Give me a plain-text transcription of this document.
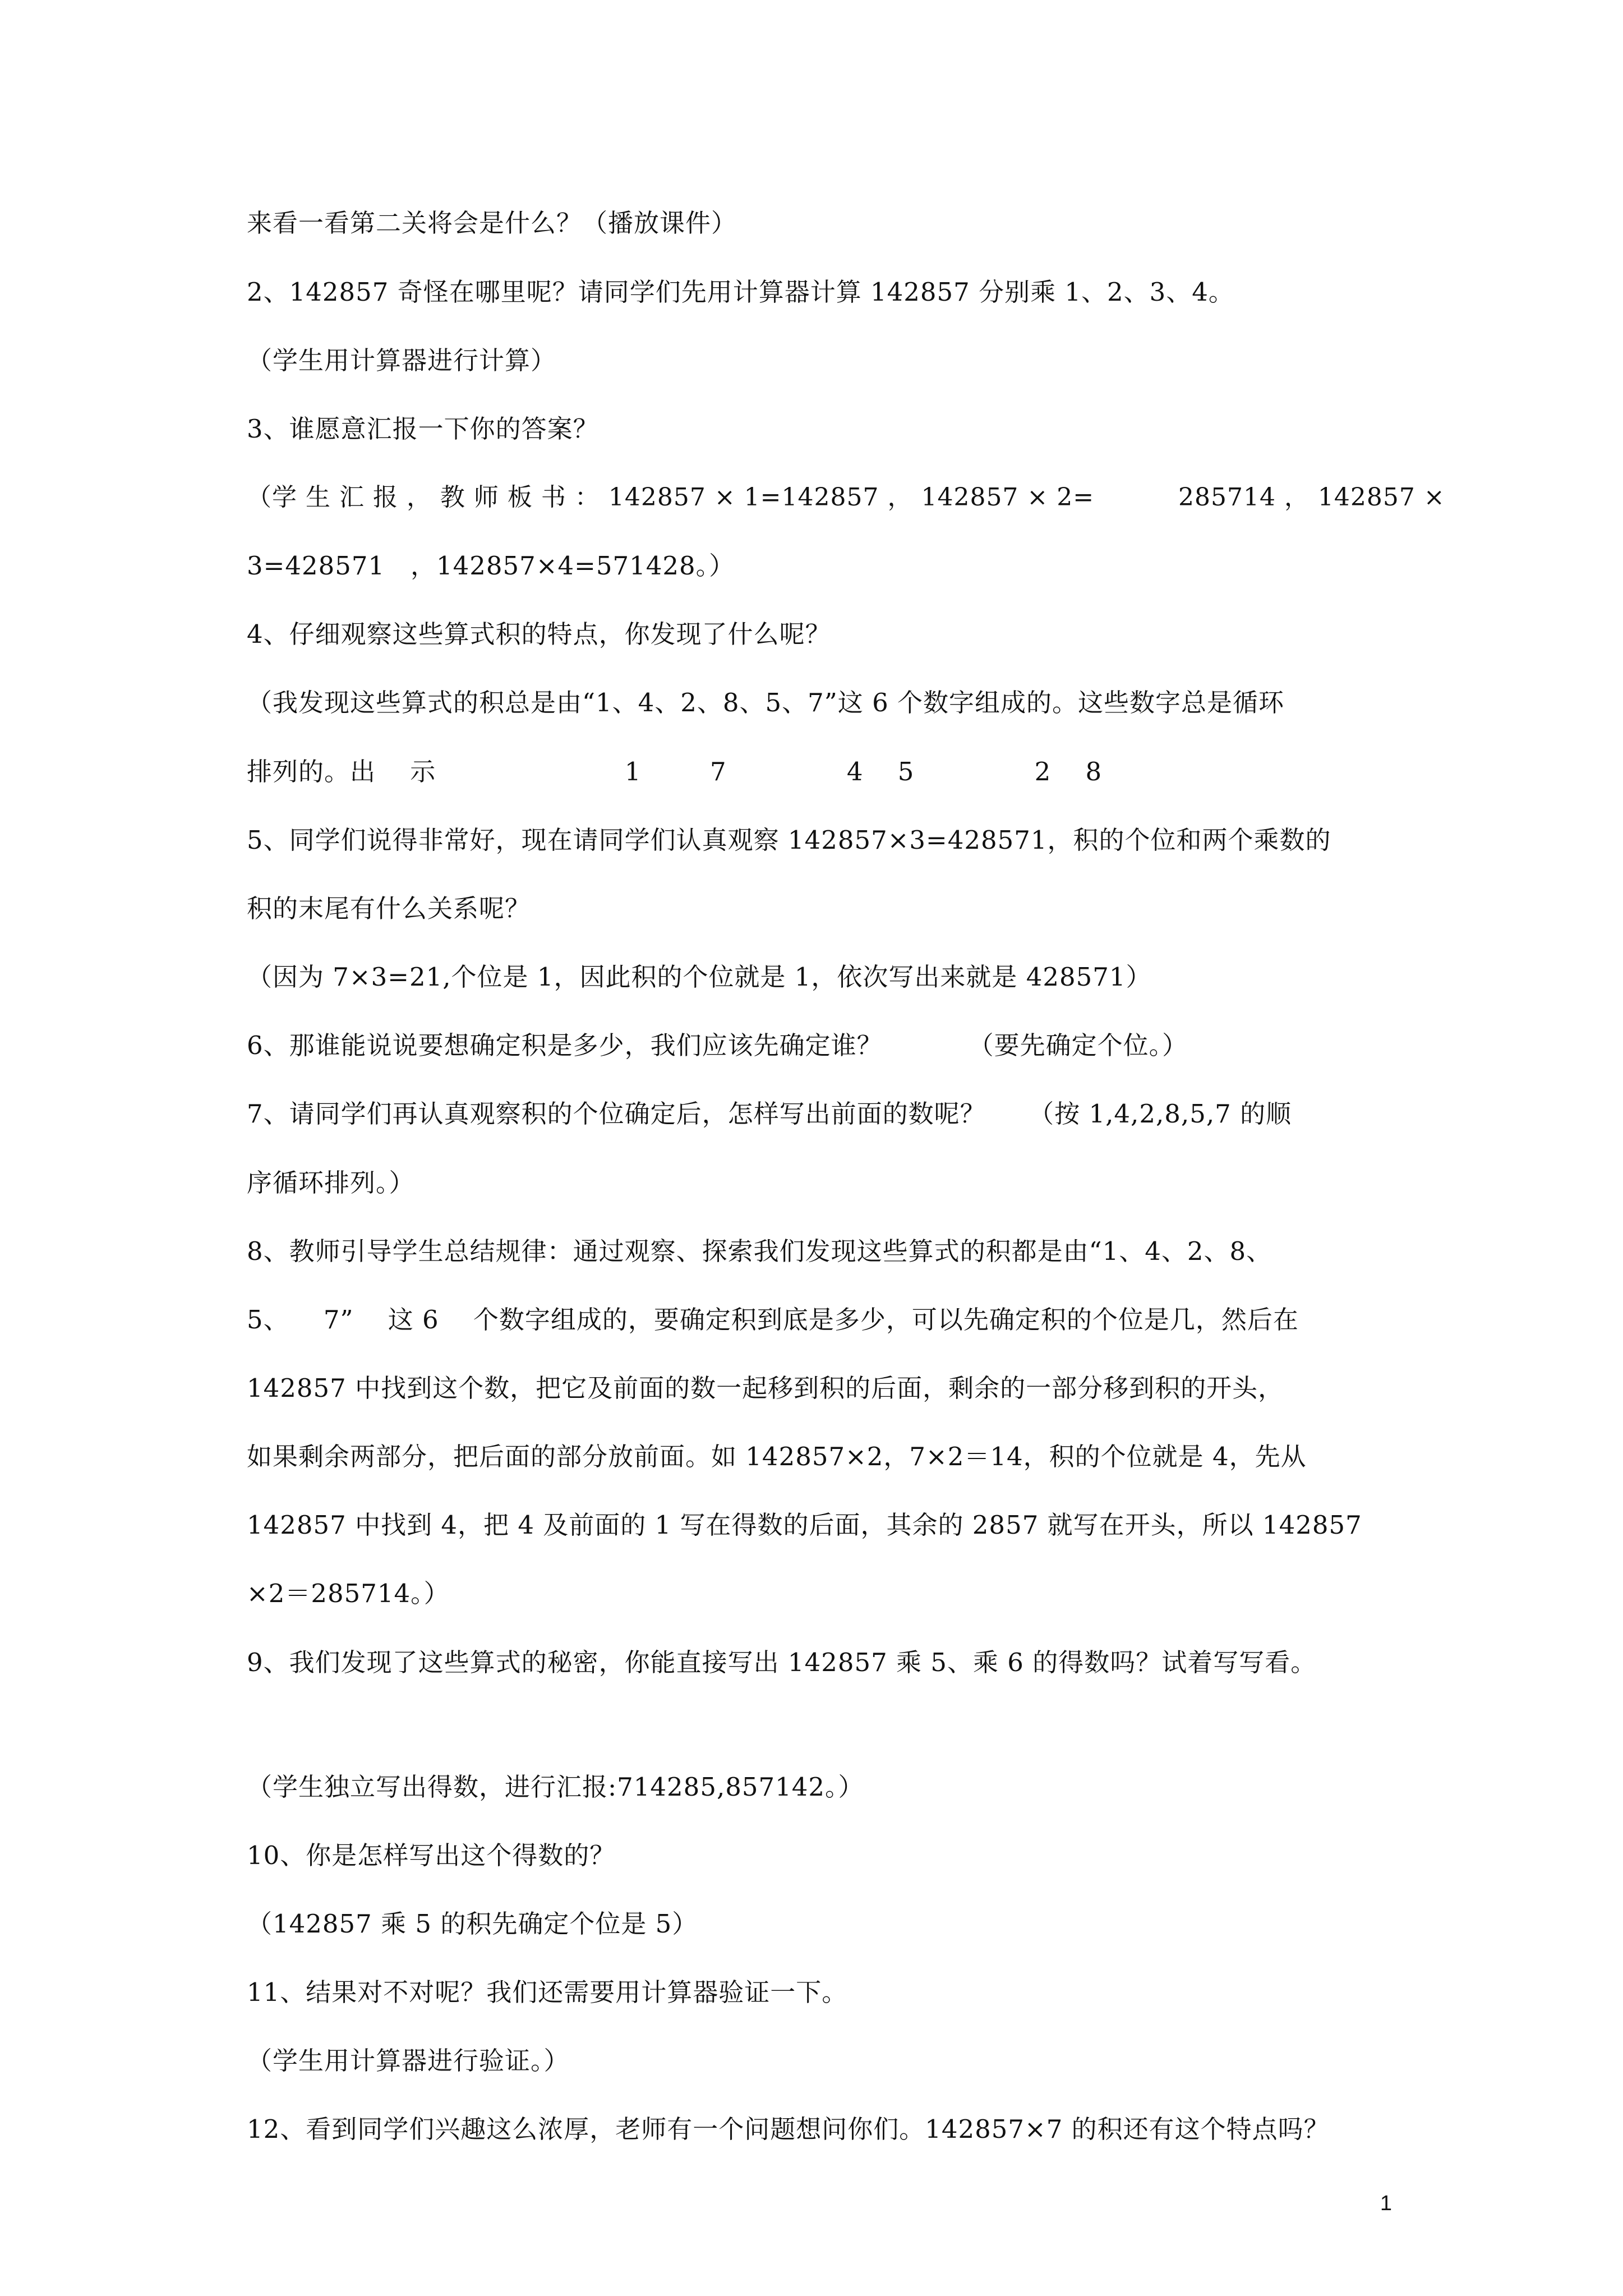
来看一看第二关将会是什么？（播放课件）
2、142857 奇怪在哪里呢？请同学们先用计算器计算 142857 分别乘 1、2、3、4。
（学生用计算器进行计算）
3、谁愿意汇报一下你的答案？
（学 生 汇 报 ， 教 师 板 书 ： 142857 × 1=142857 ， 142857 × 2=          285714 ， 142857 ×
3=428571   ，142857×4=571428。）
4、仔细观察这些算式积的特点，你发现了什么呢？
（我发现这些算式的积总是由“1、4、2、8、5、7”这 6 个数字组成的。这些数字总是循环
排列的。出    示                      1        7              4    5              2    8
5、同学们说得非常好，现在请同学们认真观察 142857×3=428571，积的个位和两个乘数的
积的末尾有什么关系呢？
（因为 7×3=21,个位是 1，因此积的个位就是 1，依次写出来就是 428571）
6、那谁能说说要想确定积是多少，我们应该先确定谁？          （要先确定个位。）
7、请同学们再认真观察积的个位确定后，怎样写出前面的数呢？     （按 1,4,2,8,5,7 的顺
序循环排列。）
8、教师引导学生总结规律：通过观察、探索我们发现这些算式的积都是由“1、4、2、8、
5、    7”    这 6    个数字组成的，要确定积到底是多少，可以先确定积的个位是几，然后在
142857 中找到这个数，把它及前面的数一起移到积的后面，剩余的一部分移到积的开头，
如果剩余两部分，把后面的部分放前面。如 142857×2，7×2＝14，积的个位就是 4，先从
142857 中找到 4，把 4 及前面的 1 写在得数的后面，其余的 2857 就写在开头，所以 142857
×2＝285714。）
9、我们发现了这些算式的秘密，你能直接写出 142857 乘 5、乘 6 的得数吗？试着写写看。
（学生独立写出得数，进行汇报:714285,857142。）
10、你是怎样写出这个得数的？
（142857 乘 5 的积先确定个位是 5）
11、结果对不对呢？我们还需要用计算器验证一下。
（学生用计算器进行验证。）
12、看到同学们兴趣这么浓厚，老师有一个问题想问你们。142857×7 的积还有这个特点吗？
1
